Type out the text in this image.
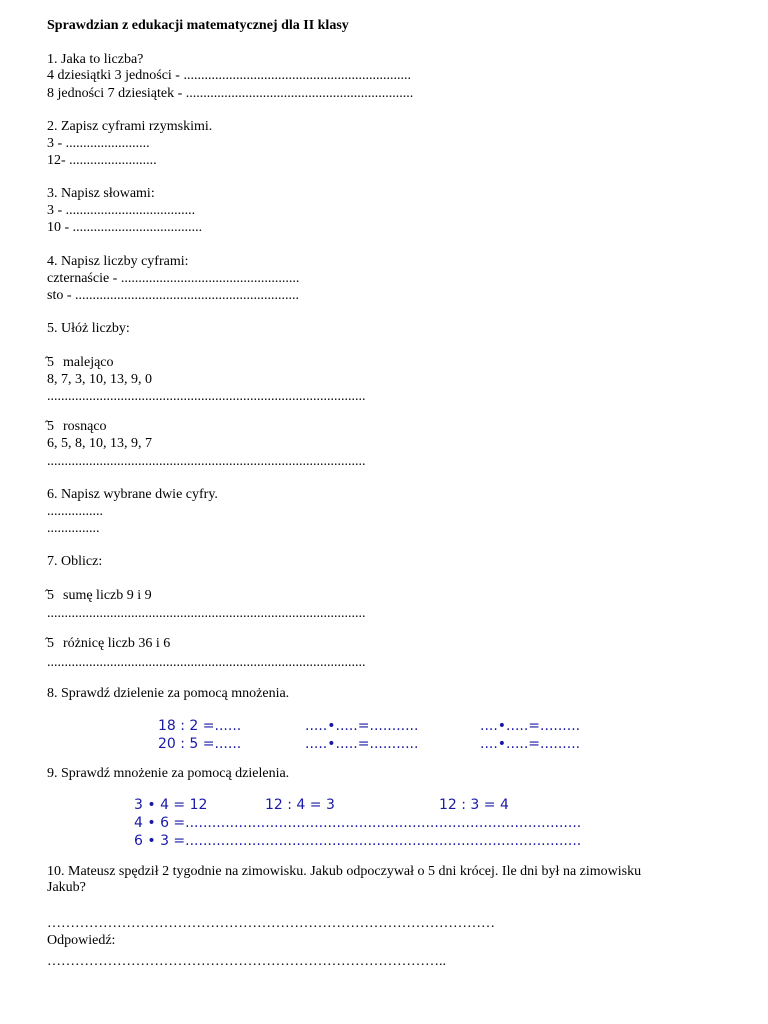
Sprawdzian z edukacji matematycznej dla II klasy
1. Jaka to liczba?
4 dziesiątki 3 jedności - .................................................................
8 jedności 7 dziesiątek - .................................................................
2. Zapisz cyframi rzymskimi.
3 - ........................
12- .........................
3. Napisz słowami:
3 - .....................................
10 - .....................................
4. Napisz liczby cyframi:
czternaście - ...................................................
sto - ................................................................
5. Ułóż liczby:
̂5 malejąco
8, 7, 3, 10, 13, 9, 0
...........................................................................................
̂5 rosnąco
6, 5, 8, 10, 13, 9, 7
...........................................................................................
6. Napisz wybrane dwie cyfry.
................
...............
7. Oblicz:
̂5 sumę liczb 9 i 9
...........................................................................................
̂5 różnicę liczb 36 i 6
...........................................................................................
8. Sprawdź dzielenie za pomocą mnożenia.
18 : 2 =......	.....•.....=...........	....•.....=.........
20 : 5 =......	.....•.....=...........	....•.....=.........
9. Sprawdź mnożenie za pomocą dzielenia.
3 • 4 = 12	12 : 4 = 3	12 : 3 = 4
4 • 6 =.........................................................................................
6 • 3 =.........................................................................................
10. Mateusz spędził 2 tygodnie na zimowisku. Jakub odpoczywał o 5 dni krócej. Ile dni był na zimowisku
Jakub?
……………………………………………………………………………………
Odpowiedź:
…………………………………………………………………………..
